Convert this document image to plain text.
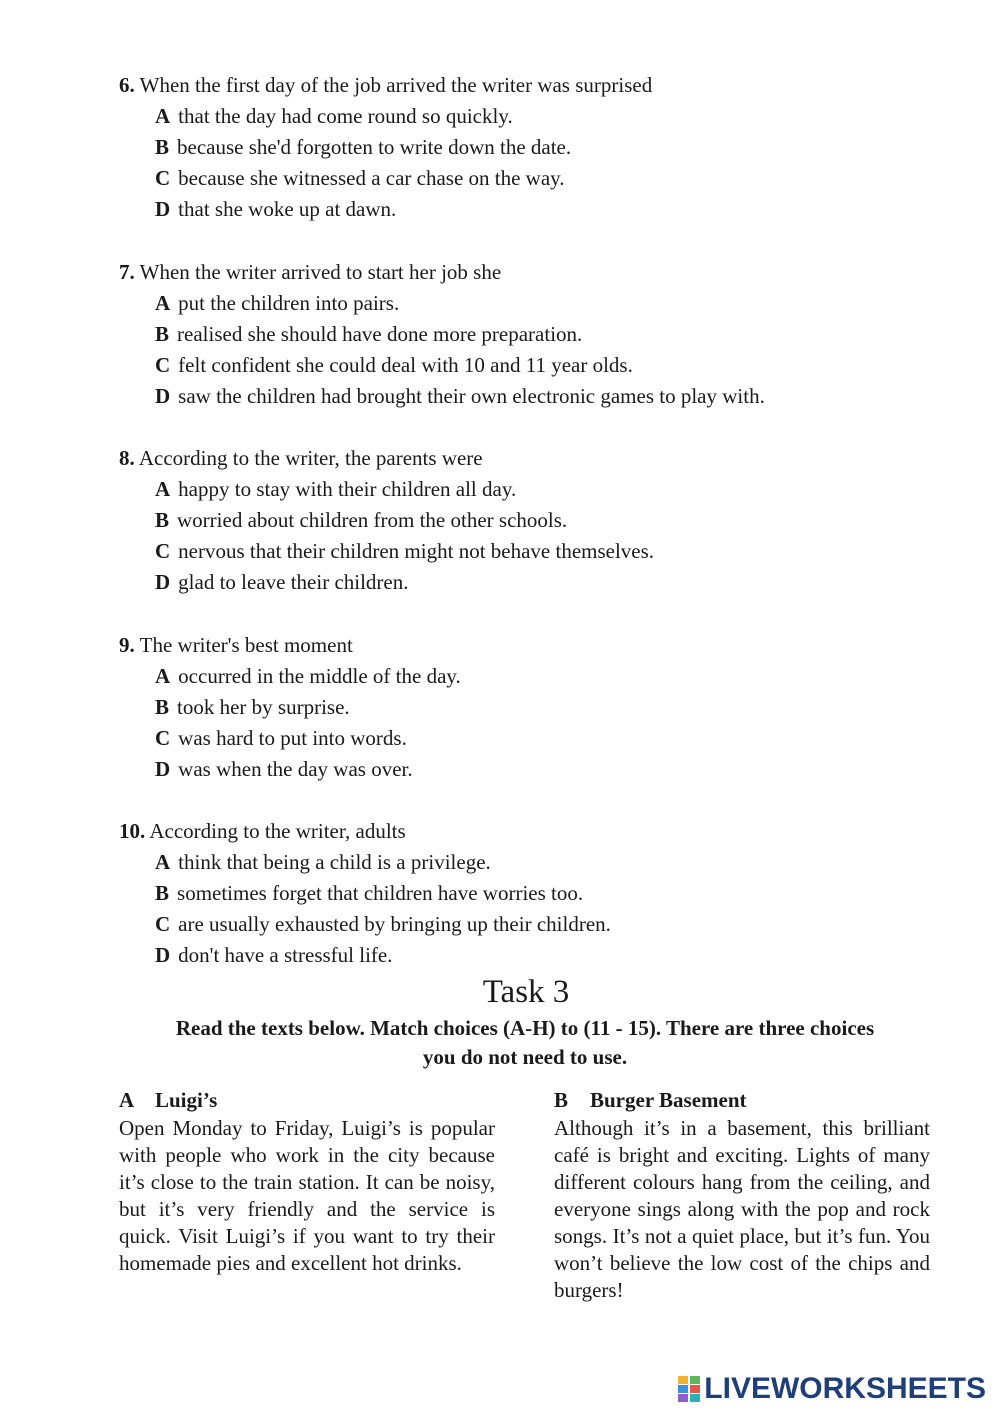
6. When the first day of the job arrived the writer was surprised
A that the day had come round so quickly.
B because she'd forgotten to write down the date.
C because she witnessed a car chase on the way.
D that she woke up at dawn.
7. When the writer arrived to start her job she
A put the children into pairs.
B realised she should have done more preparation.
C felt confident she could deal with 10 and 11 year olds.
D saw the children had brought their own electronic games to play with.
8. According to the writer, the parents were
A happy to stay with their children all day.
B worried about children from the other schools.
C nervous that their children might not behave themselves.
D glad to leave their children.
9. The writer's best moment
A occurred in the middle of the day.
B took her by surprise.
C was hard to put into words.
D was when the day was over.
10. According to the writer, adults
A think that being a child is a privilege.
B sometimes forget that children have worries too.
C are usually exhausted by bringing up their children.
D don't have a stressful life.
Task 3
Read the texts below. Match choices (A-H) to (11 - 15). There are three choices
you do not need to use.
A Luigi’s
Open Monday to Friday, Luigi’s is popular with people who work in the city because it’s close to the train station. It can be noisy, but it’s very friendly and the service is quick. Visit Luigi’s if you want to try their homemade pies and excellent hot drinks.
B Burger Basement
Although it’s in a basement, this brilliant café is bright and exciting. Lights of many different colours hang from the ceiling, and everyone sings along with the pop and rock songs. It’s not a quiet place, but it’s fun. You won’t believe the low cost of the chips and burgers!
LIVEWORKSHEETS
